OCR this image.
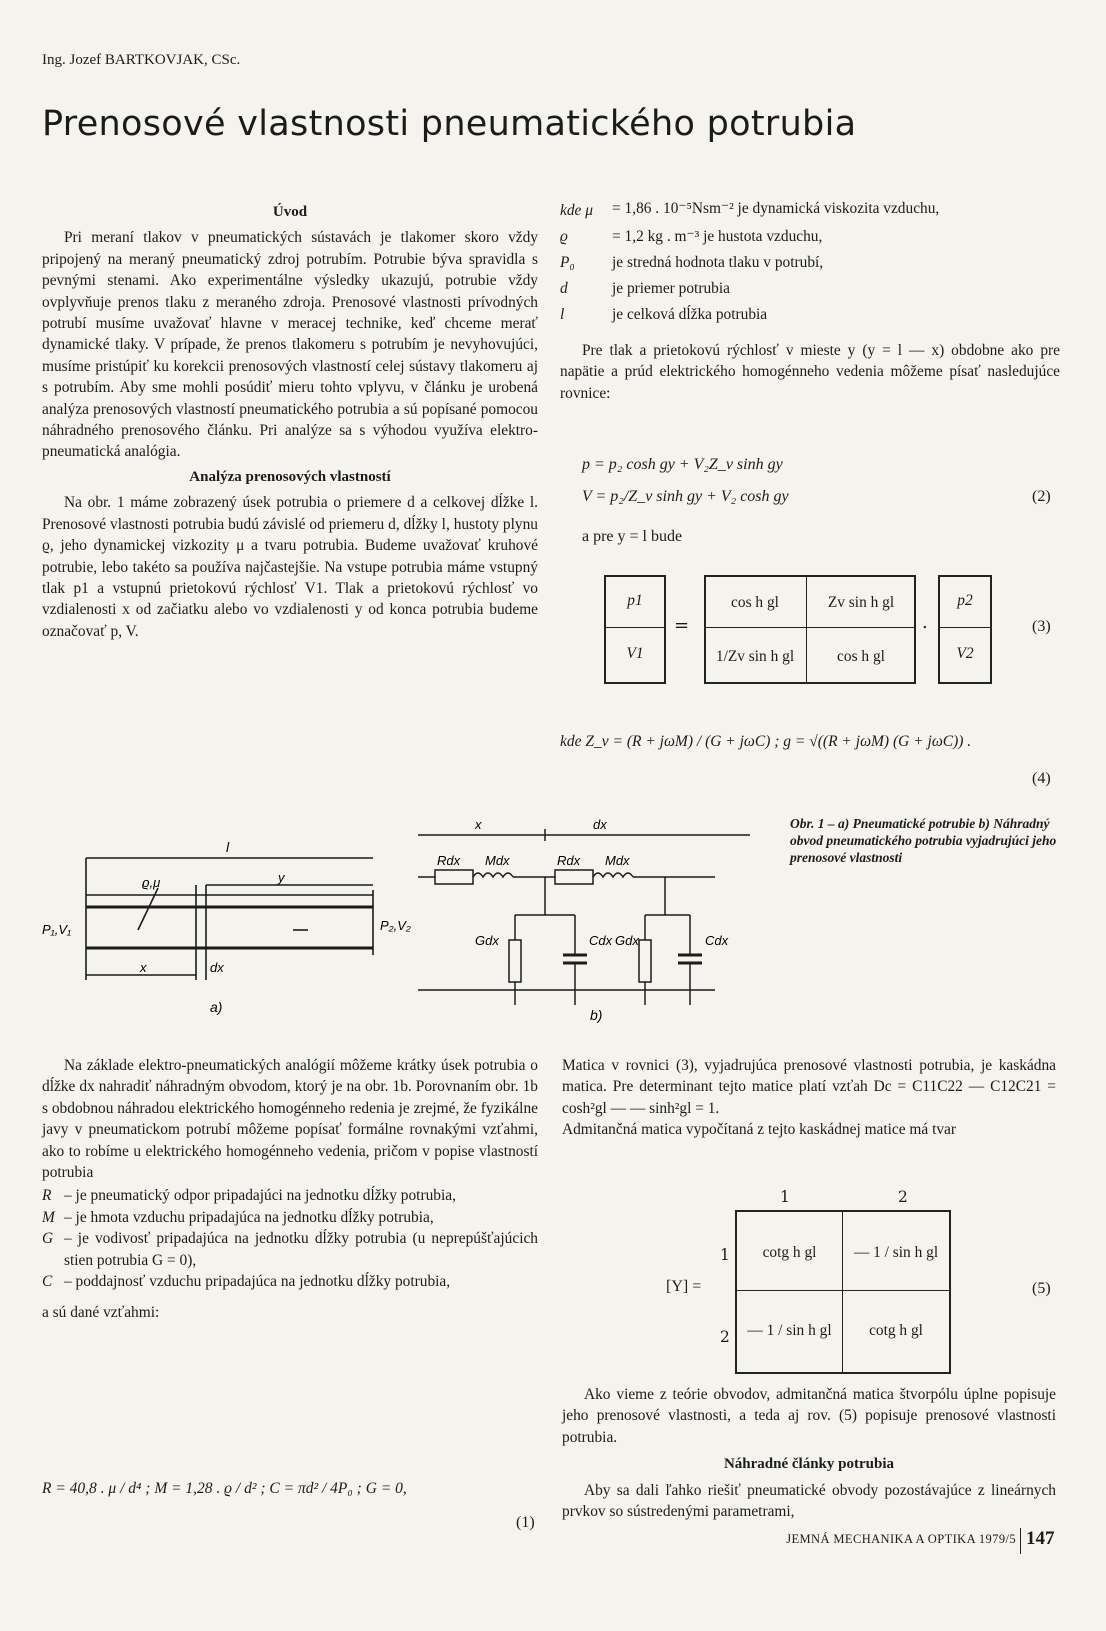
Ing. Jozef BARTKOVJAK, CSc.
Prenosové vlastnosti pneumatického potrubia
Úvod

Pri meraní tlakov v pneumatických sústavách je tlakomer skoro vždy pripojený na meraný pneumatický zdroj potrubím. Potrubie býva spravidla s pevnými stenami. Ako experimentálne výsledky ukazujú, potrubie vždy ovplyvňuje prenos tlaku z meraného zdroja. Prenosové vlastnosti prívodných potrubí musíme uvažovať hlavne v meracej technike, keď chceme merať dynamické tlaky. V prípade, že prenos tlakomeru s potrubím je nevyhovujúci, musíme pristúpiť ku korekcii prenosových vlastností celej sústavy tlakomeru aj s potrubím. Aby sme mohli posúdiť mieru tohto vplyvu, v článku je urobená analýza prenosových vlastností pneumatického potrubia a sú popísané pomocou náhradného prenosového článku. Pri analýze sa s výhodou využíva elektro-pneumatická analógia.

Analýza prenosových vlastností

Na obr. 1 máme zobrazený úsek potrubia o priemere d a celkovej dĺžke l. Prenosové vlastnosti potrubia budú závislé od priemeru d, dĺžky l, hustoty plynu ϱ, jeho dynamickej vizkozity μ a tvaru potrubia. Budeme uvažovať kruhové potrubie, lebo takéto sa používa najčastejšie. Na vstupe potrubia máme vstupný tlak p1 a vstupnú prietokovú rýchlosť V1. Tlak a prietokovú rýchlosť vo vzdialenosti x od začiatku alebo vo vzdialenosti y od konca potrubia budeme označovať p, V.

kde μ	= 1,86 . 10⁻⁵Nsm⁻² je dynamická viskozita vzduchu,
ϱ	= 1,2 kg . m⁻³ je hustota vzduchu,
P₀	je stredná hodnota tlaku v potrubí,
d	je priemer potrubia
l	je celková dĺžka potrubia

Pre tlak a prietokovú rýchlosť v mieste y (y = l — x) obdobne ako pre napätie a prúd elektrického homogénneho vedenia môžeme písať nasledujúce rovnice:

p = p₂ cosh gy + V₂Z_v sinh gy
V = p₂/Z_v sinh gy + V₂ cosh gy	(2)
a pre y = l bude
p1
V1
=
cos h gl	Zv sin h gl
1/Zv sin h gl	cos h gl
.
p2
V2
(3)
kde Z_v = (R + jωM) / (G + jωC) ; g = √((R + jωM) (G + jωC)) .
(4)
Obr. 1 – a) Pneumatické potrubie b) Náhradný obvod pneumatického potrubia vyjadrujúci jeho prenosové vlastnosti
l
ϱ,μ	y
P₁,V₁	P₂,V₂
x	dx
a)
x	dx
Rdx Mdx	Rdx Mdx
Gdx	Cdx Gdx	Cdx
b)

Na základe elektro-pneumatických analógií môžeme krátky úsek potrubia o dĺžke dx nahradiť náhradným obvodom, ktorý je na obr. 1b. Porovnaním obr. 1b s obdobnou náhradou elektrického homogénneho redenia je zrejmé, že fyzikálne javy v pneumatickom potrubí môžeme popísať formálne rovnakými vzťahmi, ako to robíme u elektrického homogénneho vedenia, pričom v popise vlastností potrubia

R – je pneumatický odpor pripadajúci na jednotku dĺžky potrubia,
M – je hmota vzduchu pripadajúca na jednotku dĺžky potrubia,
G – je vodivosť pripadajúca na jednotku dĺžky potrubia (u neprepúšťajúcich stien potrubia G = 0),
C – poddajnosť vzduchu pripadajúca na jednotku dĺžky potrubia,

a sú dané vzťahmi:

R = 40,8 . μ / d⁴ ; M = 1,28 . ϱ / d² ; C = πd² / 4P₀ ; G = 0,
(1)

Matica v rovnici (3), vyjadrujúca prenosové vlastnosti potrubia, je kaskádna matica. Pre determinant tejto matice platí vzťah Dc = C11C22 — C12C21 = cosh²gl — — sinh²gl = 1.

Admitančná matica vypočítaná z tejto kaskádnej matice má tvar

1	2
[Y] =
1
2
cotg h gl	— 1 / sin h gl
— 1 / sin h gl	cotg h gl
(5)

Ako vieme z teórie obvodov, admitančná matica štvorpólu úplne popisuje jeho prenosové vlastnosti, a teda aj rov. (5) popisuje prenosové vlastnosti potrubia.

Náhradné články potrubia

Aby sa dali ľahko riešiť pneumatické obvody pozostávajúce z lineárnych prvkov so sústredenými parametrami,

JEMNÁ MECHANIKA A OPTIKA 1979/5 147
